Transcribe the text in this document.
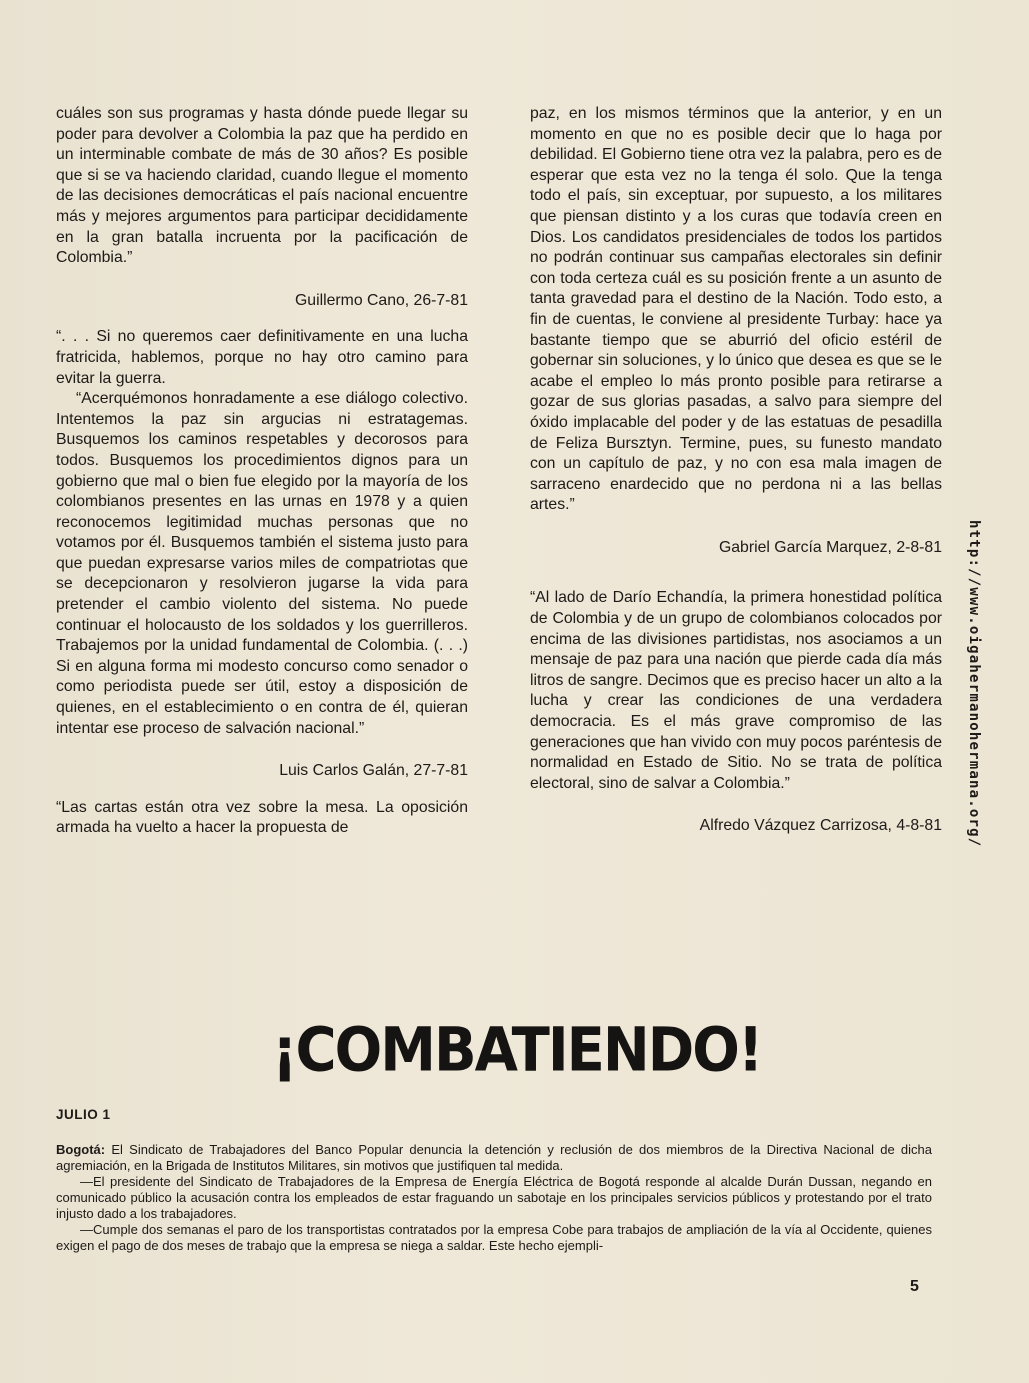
cuáles son sus programas y hasta dónde puede llegar su poder para devolver a Colombia la paz que ha perdido en un interminable combate de más de 30 años? Es posible que si se va haciendo claridad, cuando llegue el momento de las decisiones democráticas el país nacional encuentre más y mejores argumentos para participar decididamente en la gran batalla incruenta por la pacificación de Colombia.”

Guillermo Cano, 26-7-81

“. . . Si no queremos caer definitivamente en una lucha fratricida, hablemos, porque no hay otro camino para evitar la guerra.

“Acerquémonos honradamente a ese diálogo colectivo. Intentemos la paz sin argucias ni estratagemas. Busquemos los caminos respetables y decorosos para todos. Busquemos los procedimientos dignos para un gobierno que mal o bien fue elegido por la mayoría de los colombianos presentes en las urnas en 1978 y a quien reconocemos legitimidad muchas personas que no votamos por él. Busquemos también el sistema justo para que puedan expresarse varios miles de compatriotas que se decepcionaron y resolvieron jugarse la vida para pretender el cambio violento del sistema. No puede continuar el holocausto de los soldados y los guerrilleros. Trabajemos por la unidad fundamental de Colombia. (. . .) Si en alguna forma mi modesto concurso como senador o como periodista puede ser útil, estoy a disposición de quienes, en el establecimiento o en contra de él, quieran intentar ese proceso de salvación nacional.”

Luis Carlos Galán, 27-7-81

“Las cartas están otra vez sobre la mesa. La oposición armada ha vuelto a hacer la propuesta de

paz, en los mismos términos que la anterior, y en un momento en que no es posible decir que lo haga por debilidad. El Gobierno tiene otra vez la palabra, pero es de esperar que esta vez no la tenga él solo. Que la tenga todo el país, sin exceptuar, por supuesto, a los militares que piensan distinto y a los curas que todavía creen en Dios. Los candidatos presidenciales de todos los partidos no podrán continuar sus campañas electorales sin definir con toda certeza cuál es su posición frente a un asunto de tanta gravedad para el destino de la Nación. Todo esto, a fin de cuentas, le conviene al presidente Turbay: hace ya bastante tiempo que se aburrió del oficio estéril de gobernar sin soluciones, y lo único que desea es que se le acabe el empleo lo más pronto posible para retirarse a gozar de sus glorias pasadas, a salvo para siempre del óxido implacable del poder y de las estatuas de pesadilla de Feliza Bursztyn. Termine, pues, su funesto mandato con un capítulo de paz, y no con esa mala imagen de sarraceno enardecido que no perdona ni a las bellas artes.”

Gabriel García Marquez, 2-8-81

“Al lado de Darío Echandía, la primera honestidad política de Colombia y de un grupo de colombianos colocados por encima de las divisiones partidistas, nos asociamos a un mensaje de paz para una nación que pierde cada día más litros de sangre. Decimos que es preciso hacer un alto a la lucha y crear las condiciones de una verdadera democracia. Es el más grave compromiso de las generaciones que han vivido con muy pocos paréntesis de normalidad en Estado de Sitio. No se trata de política electoral, sino de salvar a Colombia.”

Alfredo Vázquez Carrizosa, 4-8-81 http://www.oigahermanohermana.org/
¡COMBATIENDO!
JULIO 1

Bogotá: El Sindicato de Trabajadores del Banco Popular denuncia la detención y reclusión de dos miembros de la Directiva Nacional de dicha agremiación, en la Brigada de Institutos Militares, sin motivos que justifiquen tal medida.

—El presidente del Sindicato de Trabajadores de la Empresa de Energía Eléctrica de Bogotá responde al alcalde Durán Dussan, negando en comunicado público la acusación contra los empleados de estar fraguando un sabotaje en los principales servicios públicos y protestando por el trato injusto dado a los trabajadores.

—Cumple dos semanas el paro de los transportistas contratados por la empresa Cobe para trabajos de ampliación de la vía al Occidente, quienes exigen el pago de dos meses de trabajo que la empresa se niega a saldar. Este hecho ejempli-

5
